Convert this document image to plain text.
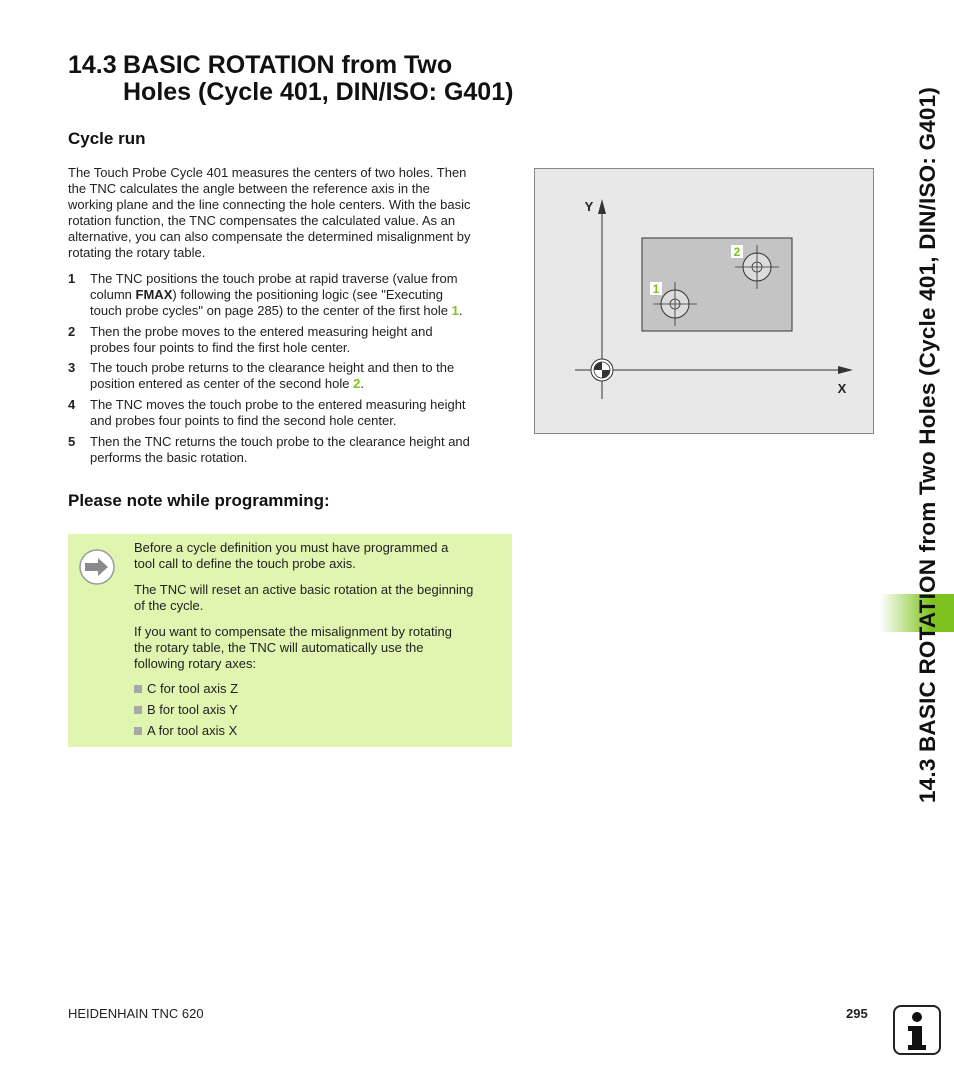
14.3 BASIC ROTATION from Two
Holes (Cycle 401, DIN/ISO: G401)
Cycle run
The Touch Probe Cycle 401 measures the centers of two holes. Then
the TNC calculates the angle between the reference axis in the
working plane and the line connecting the hole centers. With the basic
rotation function, the TNC compensates the calculated value. As an
alternative, you can also compensate the determined misalignment by
rotating the rotary table.
1 The TNC positions the touch probe at rapid traverse (value from
column FMAX) following the positioning logic (see "Executing
touch probe cycles" on page 285) to the center of the first hole 1.
2 Then the probe moves to the entered measuring height and
probes four points to find the first hole center.
3 The touch probe returns to the clearance height and then to the
position entered as center of the second hole 2.
4 The TNC moves the touch probe to the entered measuring height
and probes four points to find the second hole center.
5 Then the TNC returns the touch probe to the clearance height and
performs the basic rotation.
Please note while programming:

Before a cycle definition you must have programmed a
tool call to define the touch probe axis.

The TNC will reset an active basic rotation at the beginning
of the cycle.

If you want to compensate the misalignment by rotating
the rotary table, the TNC will automatically use the
following rotary axes:

C for tool axis Z
B for tool axis Y
A for tool axis X
1
2
Y
X	14.3 BASIC ROTATION from Two Holes (Cycle 401, DIN/ISO: G401)
HEIDENHAIN TNC 620	295
